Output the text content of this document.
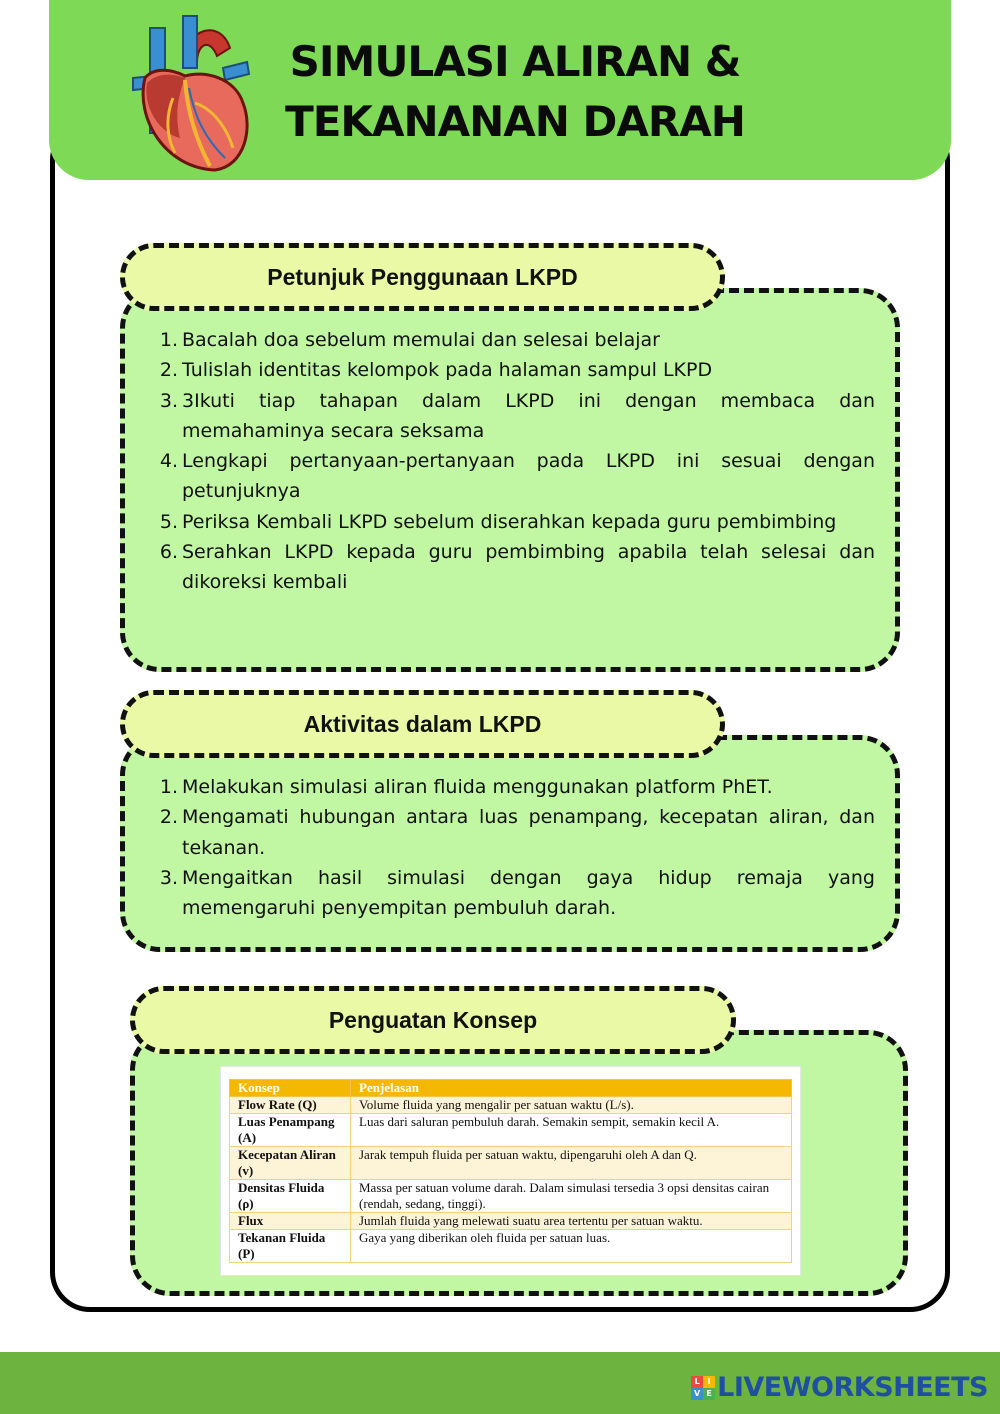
SIMULASI ALIRAN &
TEKANANAN DARAH
Petunjuk Penggunaan LKPD
1. Bacalah doa sebelum memulai dan selesai belajar
2. Tulislah identitas kelompok pada halaman sampul LKPD
3. 3Ikuti tiap tahapan dalam LKPD ini dengan membaca dan memahaminya secara seksama
4. Lengkapi pertanyaan-pertanyaan pada LKPD ini sesuai dengan petunjuknya
5. Periksa Kembali LKPD sebelum diserahkan kepada guru pembimbing
6. Serahkan LKPD kepada guru pembimbing apabila telah selesai dan dikoreksi kembali
Aktivitas dalam LKPD
1. Melakukan simulasi aliran fluida menggunakan platform PhET.
2. Mengamati hubungan antara luas penampang, kecepatan aliran, dan tekanan.
3. Mengaitkan hasil simulasi dengan gaya hidup remaja yang memengaruhi penyempitan pembuluh darah.
Penguatan Konsep
Konsep	Penjelasan
Flow Rate (Q)	Volume fluida yang mengalir per satuan waktu (L/s).
Luas Penampang (A)	Luas dari saluran pembuluh darah. Semakin sempit, semakin kecil A.
Kecepatan Aliran (v)	Jarak tempuh fluida per satuan waktu, dipengaruhi oleh A dan Q.
Densitas Fluida (ρ)	Massa per satuan volume darah. Dalam simulasi tersedia 3 opsi densitas cairan (rendah, sedang, tinggi).
Flux	Jumlah fluida yang melewati suatu area tertentu per satuan waktu.
Tekanan Fluida (P)	Gaya yang diberikan oleh fluida per satuan luas.
L I
V E LIVEWORKSHEETS
